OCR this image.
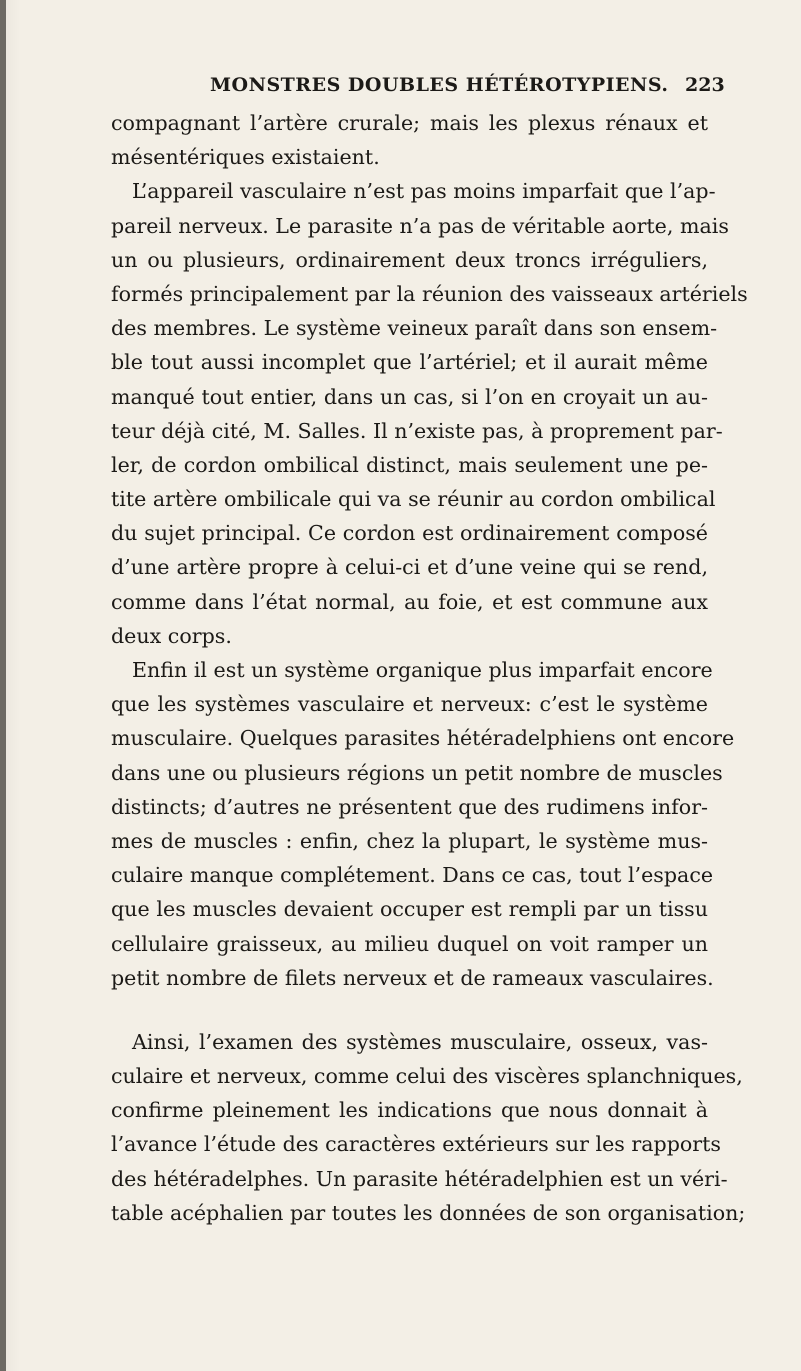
MONSTRES DOUBLES HÉTÉROTYPIENS. 223
compagnant l’artère crurale; mais les plexus rénaux et
mésentériques existaient.
L’appareil vasculaire n’est pas moins imparfait que l’ap-
pareil nerveux. Le parasite n’a pas de véritable aorte, mais
un ou plusieurs, ordinairement deux troncs irréguliers,
formés principalement par la réunion des vaisseaux artériels
des membres. Le système veineux paraît dans son ensem-
ble tout aussi incomplet que l’artériel; et il aurait même
manqué tout entier, dans un cas, si l’on en croyait un au-
teur déjà cité, M. Salles. Il n’existe pas, à proprement par-
ler, de cordon ombilical distinct, mais seulement une pe-
tite artère ombilicale qui va se réunir au cordon ombilical
du sujet principal. Ce cordon est ordinairement composé
d’une artère propre à celui-ci et d’une veine qui se rend,
comme dans l’état normal, au foie, et est commune aux
deux corps.
Enfin il est un système organique plus imparfait encore
que les systèmes vasculaire et nerveux: c’est le système
musculaire. Quelques parasites hétéradelphiens ont encore
dans une ou plusieurs régions un petit nombre de muscles
distincts; d’autres ne présentent que des rudimens infor-
mes de muscles : enfin, chez la plupart, le système mus-
culaire manque complétement. Dans ce cas, tout l’espace
que les muscles devaient occuper est rempli par un tissu
cellulaire graisseux, au milieu duquel on voit ramper un
petit nombre de filets nerveux et de rameaux vasculaires.
Ainsi, l’examen des systèmes musculaire, osseux, vas-
culaire et nerveux, comme celui des viscères splanchniques,
confirme pleinement les indications que nous donnait à
l’avance l’étude des caractères extérieurs sur les rapports
des hétéradelphes. Un parasite hétéradelphien est un véri-
table acéphalien par toutes les données de son organisation;
